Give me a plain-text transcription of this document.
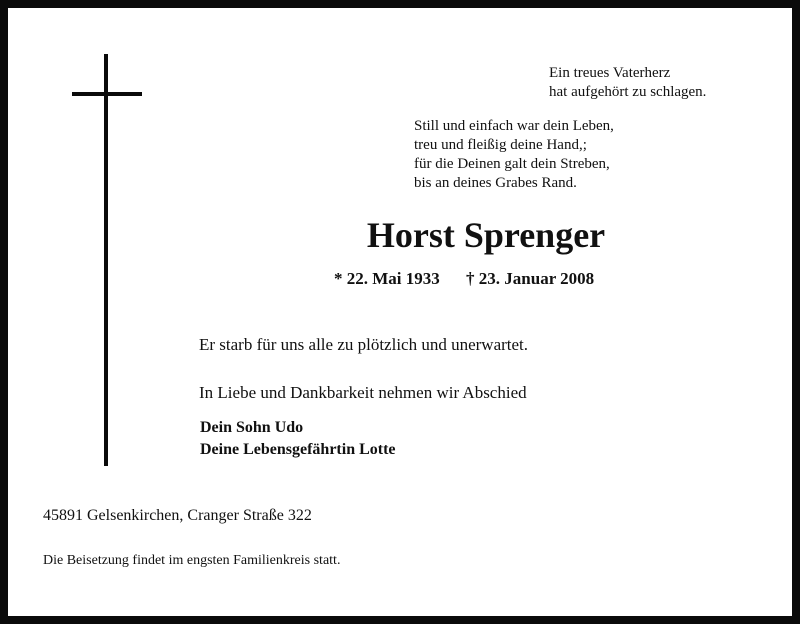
Ein treues Vaterherz
hat aufgehört zu schlagen.
Still und einfach war dein Leben,
treu und fleißig deine Hand,;
für die Deinen galt dein Streben,
bis an deines Grabes Rand.
Horst Sprenger
* 22. Mai 1933 † 23. Januar 2008
Er starb für uns alle zu plötzlich und unerwartet.
In Liebe und Dankbarkeit nehmen wir Abschied
Dein Sohn Udo
Deine Lebensgefährtin Lotte
45891 Gelsenkirchen, Cranger Straße 322
Die Beisetzung findet im engsten Familienkreis statt.
